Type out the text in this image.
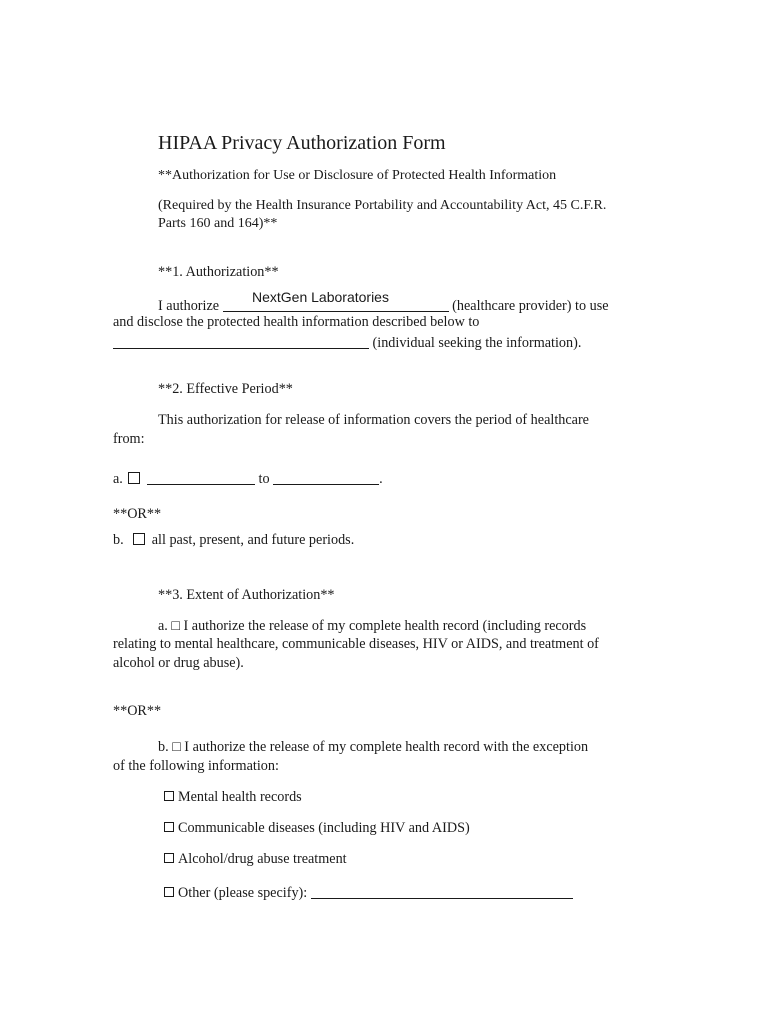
HIPAA Privacy Authorization Form
**Authorization for Use or Disclosure of Protected Health Information
(Required by the Health Insurance Portability and Accountability Act, 45 C.F.R.
Parts 160 and 164)**
**1. Authorization**
I authorize	(healthcare provider) to use
NextGen Laboratories
and disclose the protected health information described below to
(individual seeking the information).
**2. Effective Period**
This authorization for release of information covers the period of healthcare
from:
a.	to	.
**OR**
b. all past, present, and future periods.
**3. Extent of Authorization**
a. □ I authorize the release of my complete health record (including records
relating to mental healthcare, communicable diseases, HIV or AIDS, and treatment of
alcohol or drug abuse).
**OR**
b. □ I authorize the release of my complete health record with the exception
of the following information:
Mental health records
Communicable diseases (including HIV and AIDS)
Alcohol/drug abuse treatment
Other (please specify):
